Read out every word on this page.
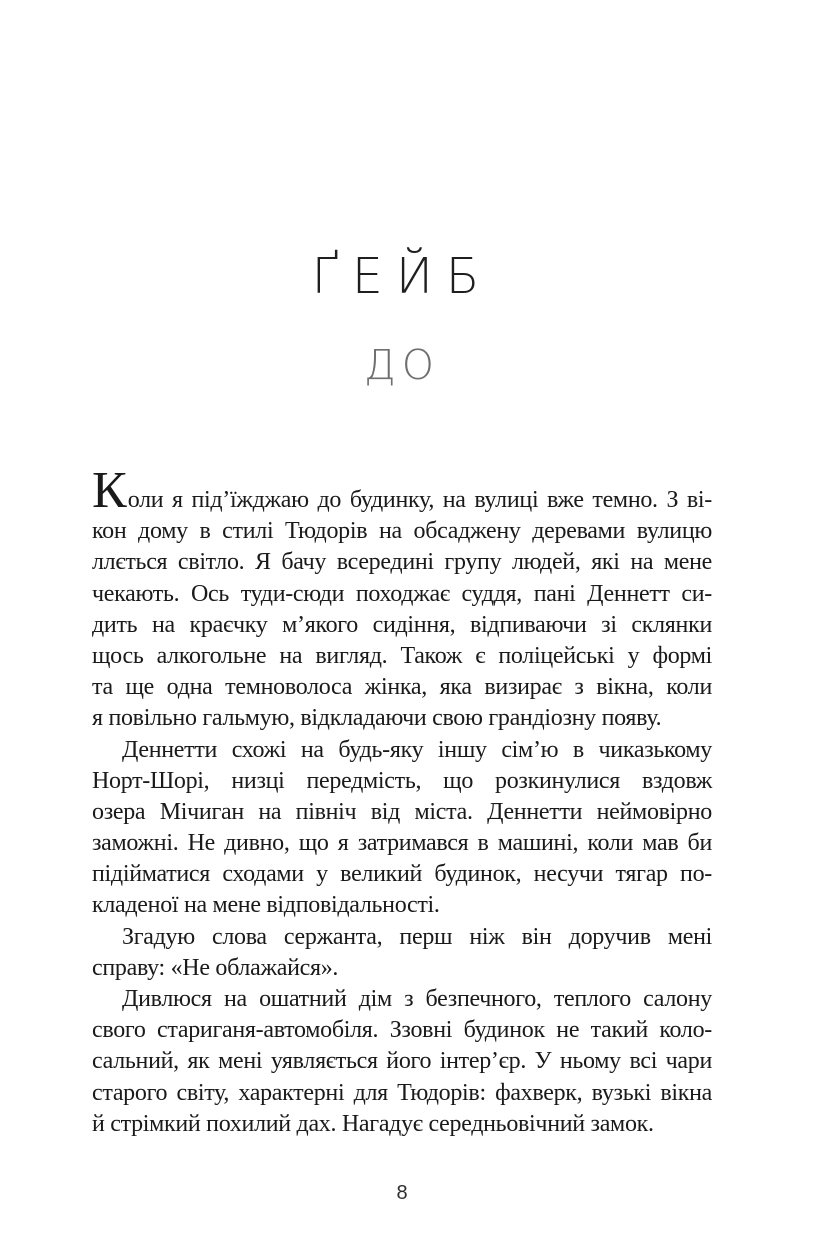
ҐЕЙБ
ДО
Коли я під’їжджаю до будинку, на вулиці вже темно. З ві-
кон дому в стилі Тюдорів на обсаджену деревами вулицю
ллється світло. Я бачу всередині групу людей, які на мене
чекають. Ось туди-сюди походжає суддя, пані Деннетт си-
дить на краєчку м’якого сидіння, відпиваючи зі склянки
щось алкогольне на вигляд. Також є поліцейські у формі
та ще одна темноволоса жінка, яка визирає з вікна, коли
я повільно гальмую, відкладаючи свою грандіозну появу.
Деннетти схожі на будь-яку іншу сім’ю в чиказькому
Норт-Шорі, низці передмість, що розкинулися вздовж
озера Мічиган на північ від міста. Деннетти неймовірно
заможні. Не дивно, що я затримався в машині, коли мав би
підійматися сходами у великий будинок, несучи тягар по-
кладеної на мене відповідальності.
Згадую слова сержанта, перш ніж він доручив мені
справу: «Не облажайся».
Дивлюся на ошатний дім з безпечного, теплого салону
свого стариганя-автомобіля. Ззовні будинок не такий коло-
сальний, як мені уявляється його інтер’єр. У ньому всі чари
старого світу, характерні для Тюдорів: фахверк, вузькі вікна
й стрімкий похилий дах. Нагадує середньовічний замок.
8
